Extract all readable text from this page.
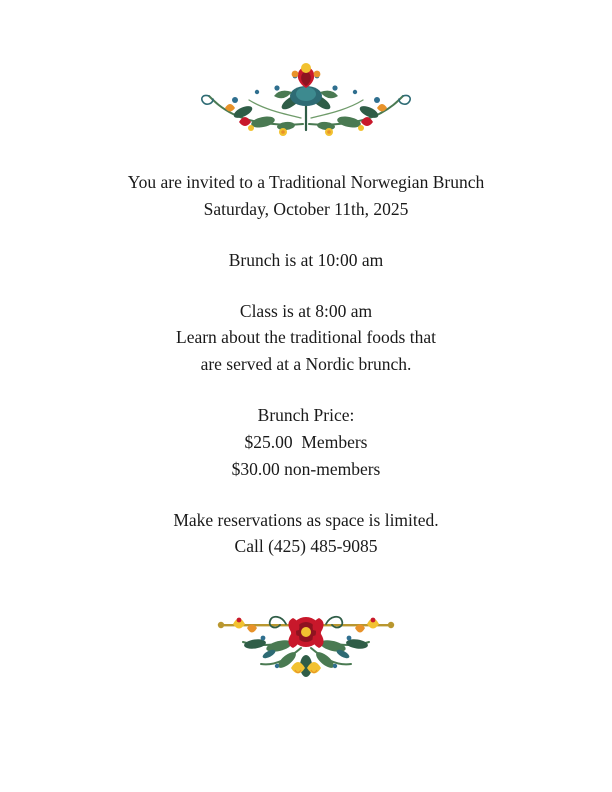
You are invited to a Traditional Norwegian Brunch
Saturday, October 11th, 2025

Brunch is at 10:00 am

Class is at 8:00 am
Learn about the traditional foods that
are served at a Nordic brunch.

Brunch Price:
$25.00  Members
$30.00 non-members

Make reservations as space is limited.
Call (425) 485-9085
